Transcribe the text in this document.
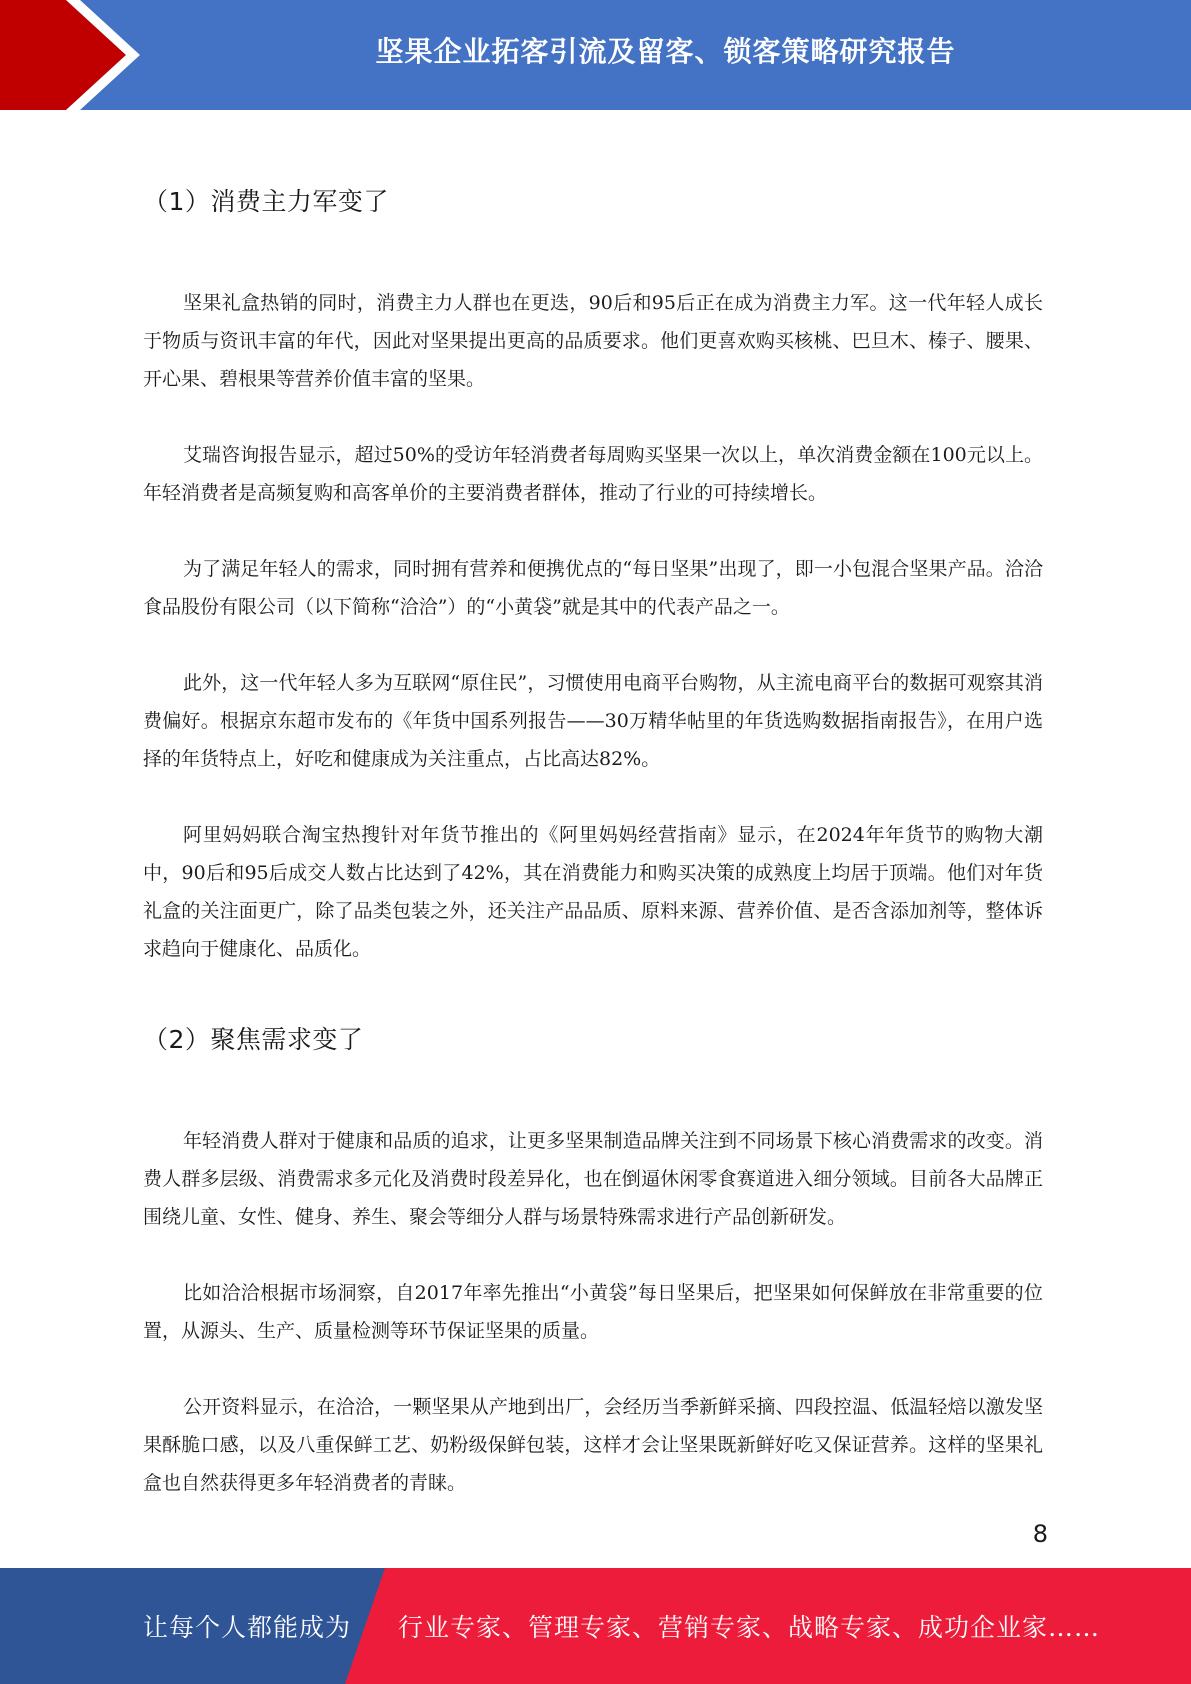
坚果企业拓客引流及留客、锁客策略研究报告
（1）消费主力军变了

坚果礼盒热销的同时，消费主力人群也在更迭，90后和95后正在成为消费主力军。这一代年轻人成长于物质与资讯丰富的年代，因此对坚果提出更高的品质要求。他们更喜欢购买核桃、巴旦木、榛子、腰果、开心果、碧根果等营养价值丰富的坚果。

艾瑞咨询报告显示，超过50%的受访年轻消费者每周购买坚果一次以上，单次消费金额在100元以上。年轻消费者是高频复购和高客单价的主要消费者群体，推动了行业的可持续增长。

为了满足年轻人的需求，同时拥有营养和便携优点的“每日坚果”出现了，即一小包混合坚果产品。洽洽食品股份有限公司（以下简称“洽洽”）的“小黄袋”就是其中的代表产品之一。

此外，这一代年轻人多为互联网“原住民”，习惯使用电商平台购物，从主流电商平台的数据可观察其消费偏好。根据京东超市发布的《年货中国系列报告——30万精华帖里的年货选购数据指南报告》，在用户选择的年货特点上，好吃和健康成为关注重点，占比高达82%。

阿里妈妈联合淘宝热搜针对年货节推出的《阿里妈妈经营指南》显示，在2024年年货节的购物大潮中，90后和95后成交人数占比达到了42%，其在消费能力和购买决策的成熟度上均居于顶端。他们对年货礼盒的关注面更广，除了品类包装之外，还关注产品品质、原料来源、营养价值、是否含添加剂等，整体诉求趋向于健康化、品质化。

（2）聚焦需求变了

年轻消费人群对于健康和品质的追求，让更多坚果制造品牌关注到不同场景下核心消费需求的改变。消费人群多层级、消费需求多元化及消费时段差异化，也在倒逼休闲零食赛道进入细分领域。目前各大品牌正围绕儿童、女性、健身、养生、聚会等细分人群与场景特殊需求进行产品创新研发。

比如洽洽根据市场洞察，自2017年率先推出“小黄袋”每日坚果后，把坚果如何保鲜放在非常重要的位置，从源头、生产、质量检测等环节保证坚果的质量。

公开资料显示，在洽洽，一颗坚果从产地到出厂，会经历当季新鲜采摘、四段控温、低温轻焙以激发坚果酥脆口感，以及八重保鲜工艺、奶粉级保鲜包装，这样才会让坚果既新鲜好吃又保证营养。这样的坚果礼盒也自然获得更多年轻消费者的青睐。

8
让每个人都能成为 行业专家、管理专家、营销专家、战略专家、成功企业家……
